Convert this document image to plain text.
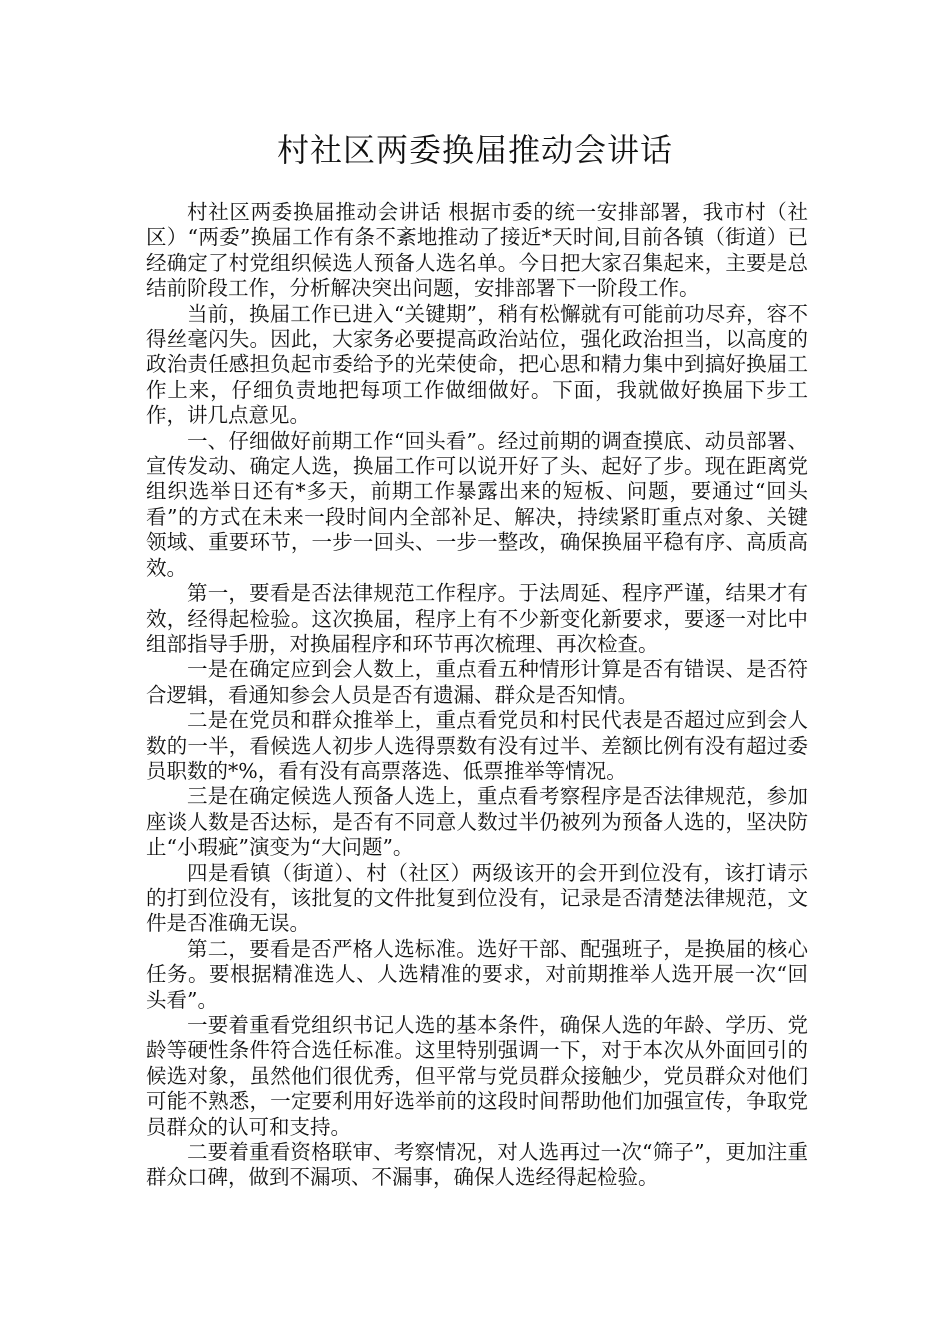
村社区两委换届推动会讲话

村社区两委换届推动会讲话 根据市委的统一安排部署，我市村（社区）“两委”换届工作有条不紊地推动了接近*天时间,目前各镇（街道）已经确定了村党组织候选人预备人选名单。今日把大家召集起来，主要是总结前阶段工作，分析解决突出问题，安排部署下一阶段工作。

当前，换届工作已进入“关键期”，稍有松懈就有可能前功尽弃，容不得丝毫闪失。因此，大家务必要提高政治站位，强化政治担当，以高度的政治责任感担负起市委给予的光荣使命，把心思和精力集中到搞好换届工作上来，仔细负责地把每项工作做细做好。下面，我就做好换届下步工作，讲几点意见。

一、仔细做好前期工作“回头看”。经过前期的调查摸底、动员部署、宣传发动、确定人选，换届工作可以说开好了头、起好了步。现在距离党组织选举日还有*多天，前期工作暴露出来的短板、问题，要通过“回头看”的方式在未来一段时间内全部补足、解决，持续紧盯重点对象、关键领域、重要环节，一步一回头、一步一整改，确保换届平稳有序、高质高效。

第一，要看是否法律规范工作程序。于法周延、程序严谨，结果才有效，经得起检验。这次换届，程序上有不少新变化新要求，要逐一对比中组部指导手册，对换届程序和环节再次梳理、再次检查。

一是在确定应到会人数上，重点看五种情形计算是否有错误、是否符合逻辑，看通知参会人员是否有遗漏、群众是否知情。

二是在党员和群众推举上，重点看党员和村民代表是否超过应到会人数的一半，看候选人初步人选得票数有没有过半、差额比例有没有超过委员职数的*%，看有没有高票落选、低票推举等情况。

三是在确定候选人预备人选上，重点看考察程序是否法律规范，参加座谈人数是否达标，是否有不同意人数过半仍被列为预备人选的，坚决防止“小瑕疵”演变为“大问题”。

四是看镇（街道）、村（社区）两级该开的会开到位没有，该打请示的打到位没有，该批复的文件批复到位没有，记录是否清楚法律规范，文件是否准确无误。

第二，要看是否严格人选标准。选好干部、配强班子，是换届的核心任务。要根据精准选人、人选精准的要求，对前期推举人选开展一次“回头看”。

一要着重看党组织书记人选的基本条件，确保人选的年龄、学历、党龄等硬性条件符合选任标准。这里特别强调一下，对于本次从外面回引的候选对象，虽然他们很优秀，但平常与党员群众接触少，党员群众对他们可能不熟悉，一定要利用好选举前的这段时间帮助他们加强宣传，争取党员群众的认可和支持。

二要着重看资格联审、考察情况，对人选再过一次“筛子”，更加注重群众口碑，做到不漏项、不漏事，确保人选经得起检验。
